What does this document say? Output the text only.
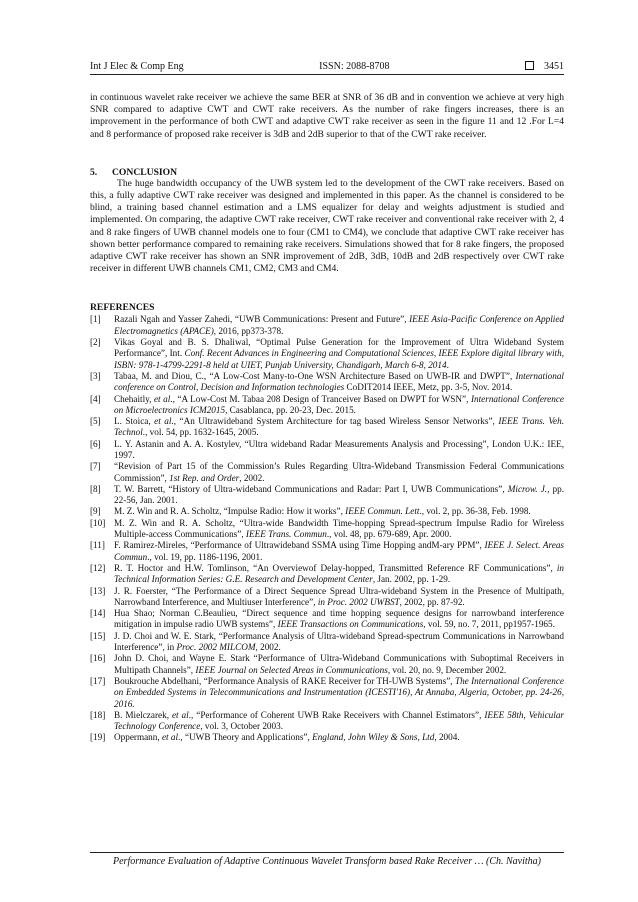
Int J Elec & Comp Eng	ISSN: 2088-8708	3451

in continuous wavelet rake receiver we achieve the same BER at SNR of 36 dB and in convention we achieve at very high SNR compared to adaptive CWT and CWT rake receivers. As the number of rake fingers increases, there is an improvement in the performance of both CWT and adaptive CWT rake receiver as seen in the figure 11 and 12 .For L=4 and 8 performance of proposed rake receiver is 3dB and 2dB superior to that of the CWT rake receiver.

5.	CONCLUSION

The huge bandwidth occupancy of the UWB system led to the development of the CWT rake receivers. Based on this, a fully adaptive CWT rake receiver was designed and implemented in this paper. As the channel is considered to be blind, a training based channel estimation and a LMS equalizer for delay and weights adjustment is studied and implemented. On comparing, the adaptive CWT rake receiver, CWT rake receiver and conventional rake receiver with 2, 4 and 8 rake fingers of UWB channel models one to four (CM1 to CM4), we conclude that adaptive CWT rake receiver has shown better performance compared to remaining rake receivers. Simulations showed that for 8 rake fingers, the proposed adaptive CWT rake receiver has shown an SNR improvement of 2dB, 3dB, 10dB and 2dB respectively over CWT rake receiver in different UWB channels CM1, CM2, CM3 and CM4.

REFERENCES
[1]	Razali Ngah and Yasser Zahedi, “UWB Communications: Present and Future”, IEEE Asia-Pacific Conference on Applied Electromagnetics (APACE), 2016, pp373-378.
[2]	Vikas Goyal and B. S. Dhaliwal, “Optimal Pulse Generation for the Improvement of Ultra Wideband System Performance”, Int. Conf. Recent Advances in Engineering and Computational Sciences, IEEE Explore digital library with, ISBN: 978-1-4799-2291-8 held at UIET, Punjab University, Chandigarh, March 6-8, 2014.
[3]	Tabaa, M. and Diou, C., “A Low-Cost Many-to-One WSN Architecture Based on UWB-IR and DWPT”, International conference on Control, Decision and Information technologies CoDIT2014 IEEE, Metz, pp. 3-5, Nov. 2014.
[4]	Chehaitly, et al., “A Low-Cost M. Tabaa 208 Design of Tranceiver Based on DWPT for WSN”, International Conference on Microelectronics ICM2015, Casablanca, pp. 20-23, Dec. 2015.
[5]	L. Stoica, et al., “An Ultrawideband System Architecture for tag based Wireless Sensor Networks”, IEEE Trans. Veh. Technol., vol. 54, pp. 1632-1645, 2005.
[6]	L. Y. Astanin and A. A. Kostylev, “Ultra wideband Radar Measurements Analysis and Processing”, London U.K.: IEE, 1997.
[7]	“Revision of Part 15 of the Commission’s Rules Regarding Ultra-Wideband Transmission Federal Communications Commission”, 1st Rep. and Order, 2002.
[8]	T. W. Barrett, “History of Ultra-wideband Communications and Radar: Part I, UWB Communications”, Microw. J., pp. 22-56, Jan. 2001.
[9]	M. Z. Win and R. A. Scholtz, “Impulse Radio: How it works”, IEEE Commun. Lett., vol. 2, pp. 36-38, Feb. 1998.
[10] M. Z. Win and R. A. Scholtz, “Ultra-wide Bandwidth Time-hopping Spread-spectrum Impulse Radio for Wireless Multiple-access Communications”, IEEE Trans. Commun., vol. 48, pp. 679-689, Apr. 2000.
[11] F. Ramirez-Mireles, “Performance of Ultrawideband SSMA using Time Hopping andM-ary PPM”, IEEE J. Select. Areas Commun., vol. 19, pp. 1186-1196, 2001.
[12] R. T. Hoctor and H.W. Tomlinson, “An Overviewof Delay-hopped, Transmitted Reference RF Communications”, in Technical Information Series: G.E. Research and Development Center, Jan. 2002, pp. 1-29.
[13] J. R. Foerster, “The Performance of a Direct Sequence Spread Ultra-wideband System in the Presence of Multipath, Narrowband Interference, and Multiuser Interference”, in Proc. 2002 UWBST, 2002, pp. 87-92.
[14] Hua Shao; Norman C.Beaulieu, “Direct sequence and time hopping sequence designs for narrowband interference mitigation in impulse radio UWB systems”, IEEE Transactions on Communications, vol. 59, no. 7, 2011, pp1957-1965.
[15] J. D. Choi and W. E. Stark, “Performance Analysis of Ultra-wideband Spread-spectrum Communications in Narrowband Interference”, in Proc. 2002 MILCOM, 2002.
[16] John D. Choi, and Wayne E. Stark “Performance of Ultra-Wideband Communications with Suboptimal Receivers in Multipath Channels”, IEEE Journal on Selected Areas in Communications, vol. 20, no. 9, December 2002.
[17] Boukrouche Abdelhani, “Performance Analysis of RAKE Receiver for TH-UWB Systems”, The International Conference on Embedded Systems in Telecommunications and Instrumentation (ICESTI'16), At Annaba, Algeria, October, pp. 24-26, 2016.
[18] B. Mielczarek, et al., “Performance of Coherent UWB Rake Receivers with Channel Estimators”, IEEE 58th, Vehicular Technology Conference, vol. 3, October 2003.
[19] Oppermann, et al., “UWB Theory and Applications”, England, John Wiley & Sons, Ltd, 2004.
Performance Evaluation of Adaptive Continuous Wavelet Transform based Rake Receiver … (Ch. Navitha)
